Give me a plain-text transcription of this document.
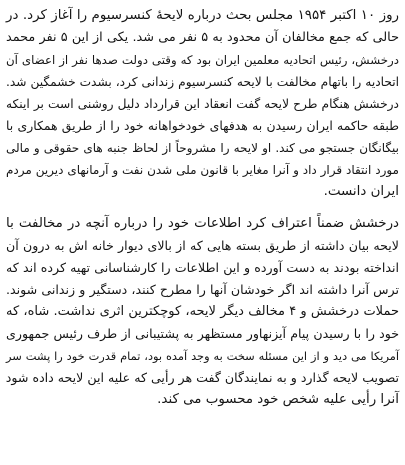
روز ۱۰ اکتبر ۱۹۵۴ مجلس بحث درباره لایحهٔ کنسرسیوم را آغاز کرد. در
حالی که جمع مخالفان آن محدود به ۵ نفر می شد. یکی از این ۵ نفر محمد
درخشش، رئیس اتحادیه معلمین ایران بود که وقتی دولت صدها نفر از اعضای آن
اتحادیه را باتهام مخالفت با لایحه کنسرسیوم زندانی کرد، بشدت خشمگین شد.
درخشش هنگام طرح لایحه گفت انعقاد این قرارداد دلیل روشنی است بر اینکه
طبقه حاکمه ایران رسیدن به هدفهای خودخواهانه خود را از طریق همکاری با
بیگانگان جستجو می کند. او لایحه را مشروحاً از لحاظ جنبه های حقوقی و مالی
مورد انتقاد قرار داد و آنرا مغایر با قانون ملی شدن نفت و آرمانهای دیرین مردم
ایران دانست.
درخشش ضمناً اعتراف کرد اطلاعات خود را درباره آنچه در مخالفت با
لایحه بیان داشته از طریق بسته هایی که از بالای دیوار خانه اش به درون آن
انداخته بودند به دست آورده و این اطلاعات را کارشناسانی تهیه کرده اند که
ترس آنرا داشته اند اگر خودشان آنها را مطرح کنند، دستگیر و زندانی شوند.
حملات درخشش و ۴ مخالف دیگر لایحه، کوچکترین اثری نداشت. شاه، که
خود را با رسیدن پیام آیزنهاور مستظهر به پشتیبانی از طرف رئیس جمهوری
آمریکا می دید و از این مسئله سخت به وجد آمده بود، تمام قدرت خود را پشت سر
تصویب لایحه گذارد و به نمایندگان گفت هر رأیی که علیه این لایحه داده شود
آنرا رأیی علیه شخص خود محسوب می کند.
